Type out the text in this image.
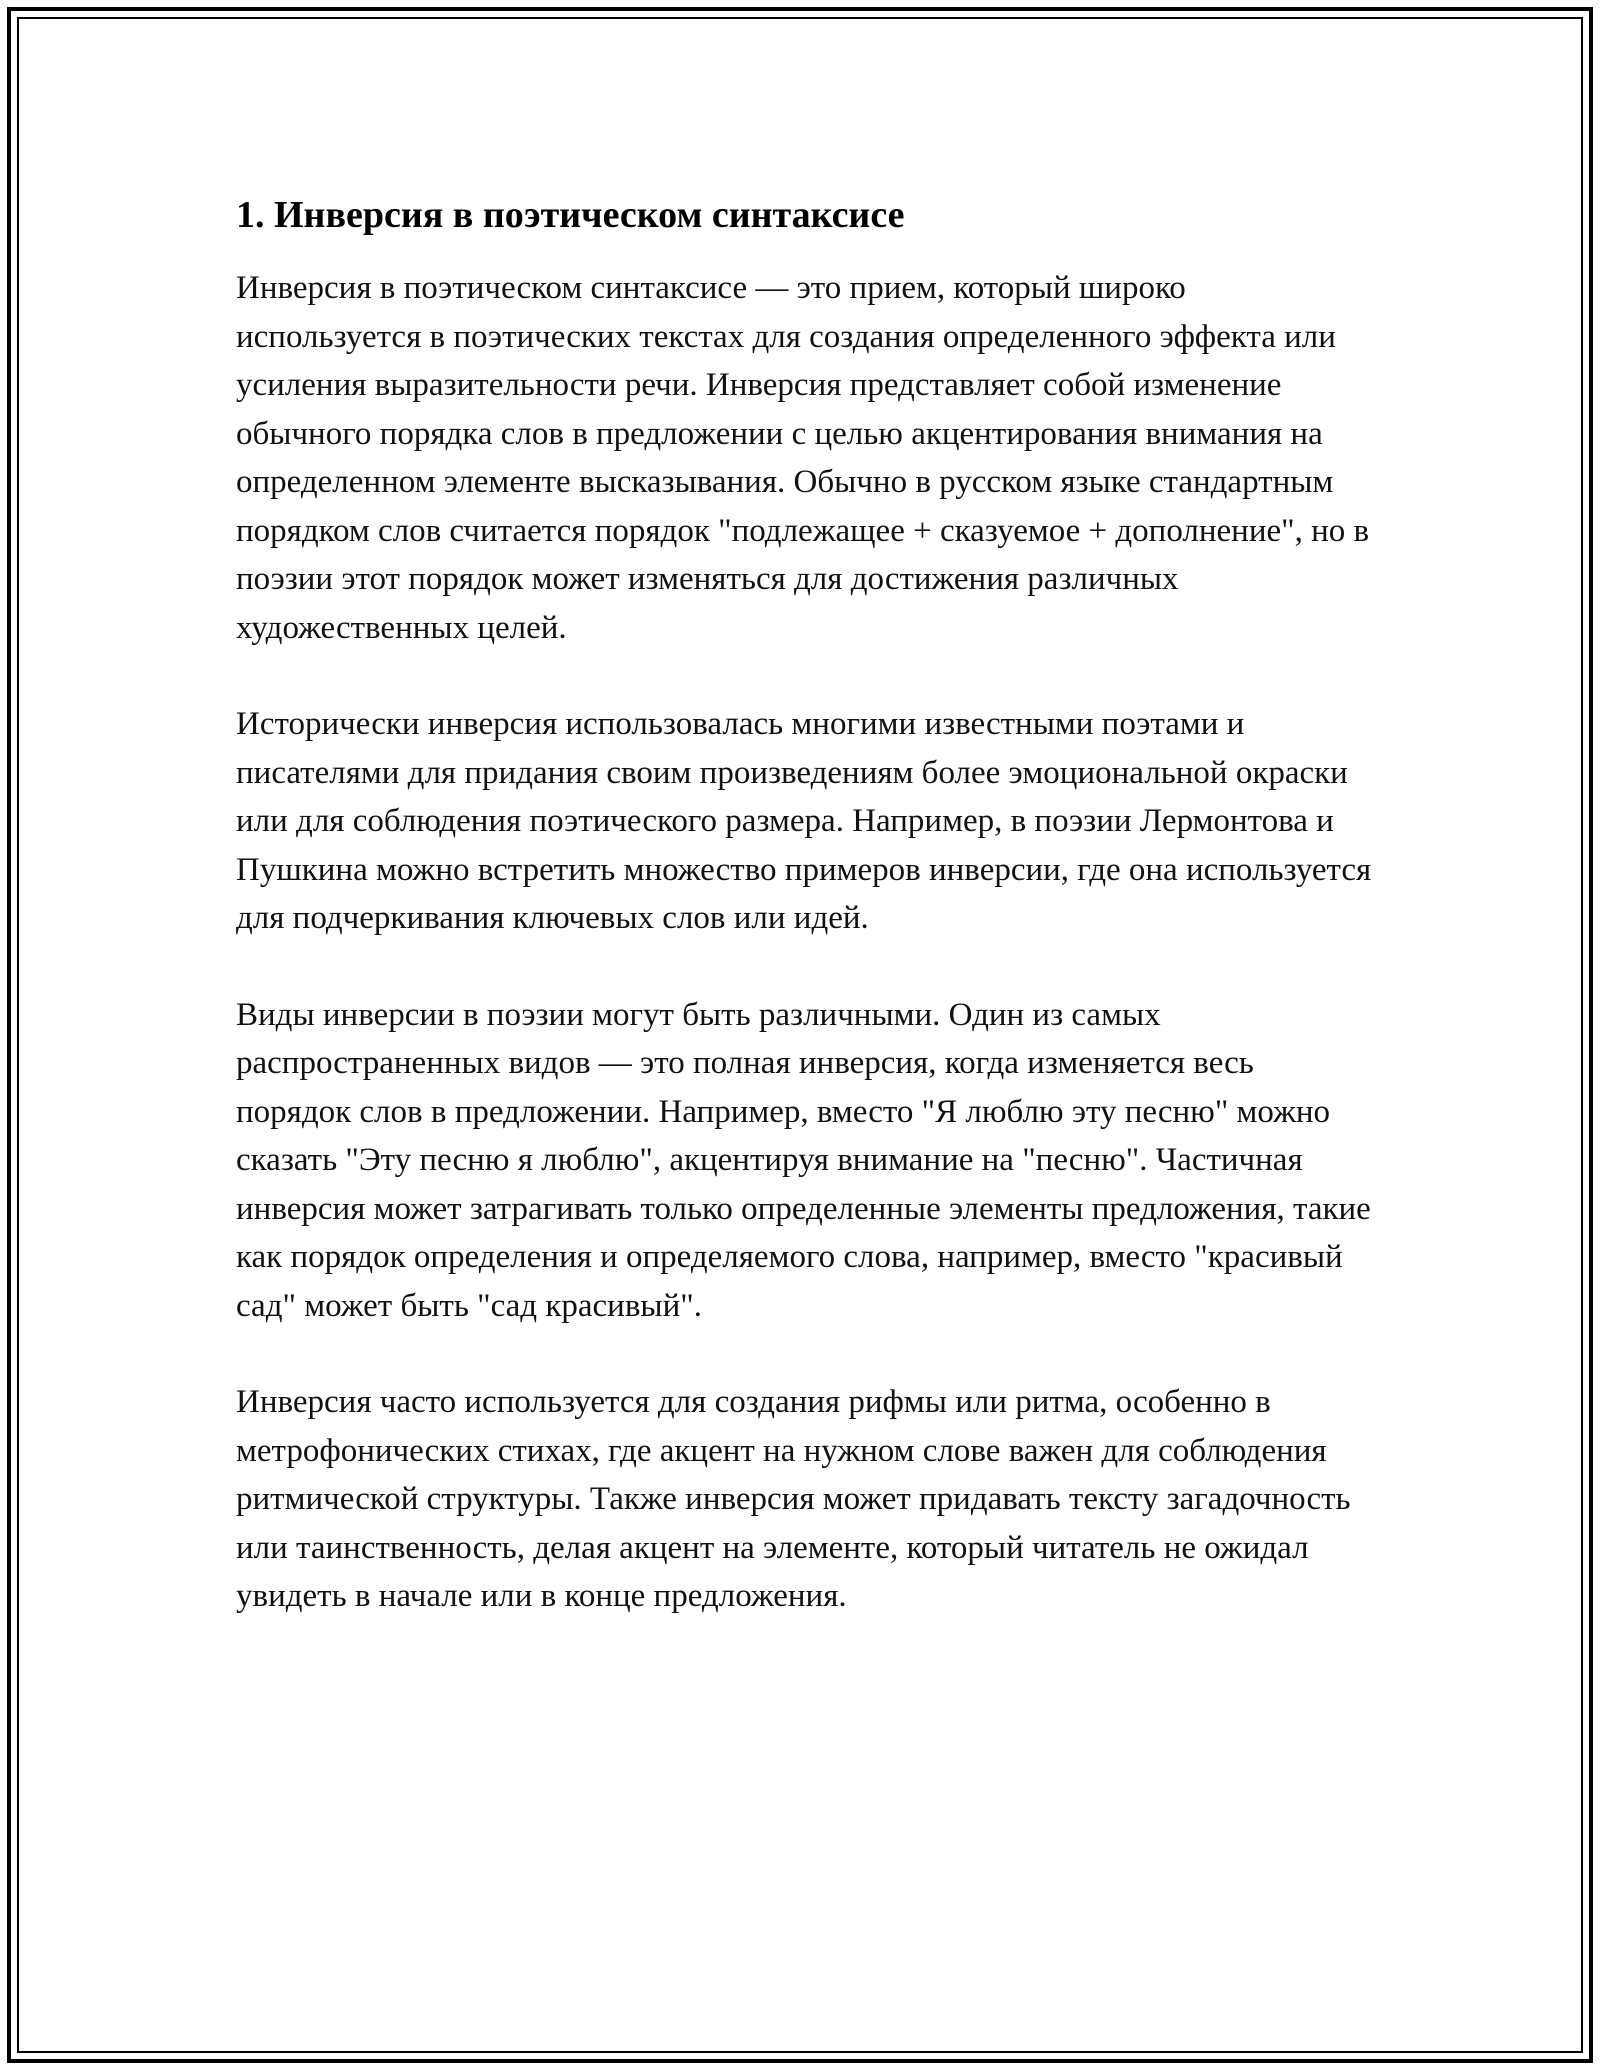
1. Инверсия в поэтическом синтаксисе

Инверсия в поэтическом синтаксисе — это прием, который широко используется в поэтических текстах для создания определенного эффекта или усиления выразительности речи. Инверсия представляет собой изменение обычного порядка слов в предложении с целью акцентирования внимания на определенном элементе высказывания. Обычно в русском языке стандартным порядком слов считается порядок "подлежащее + сказуемое + дополнение", но в поэзии этот порядок может изменяться для достижения различных художественных целей.

Исторически инверсия использовалась многими известными поэтами и писателями для придания своим произведениям более эмоциональной окраски или для соблюдения поэтического размера. Например, в поэзии Лермонтова и Пушкина можно встретить множество примеров инверсии, где она используется для подчеркивания ключевых слов или идей.

Виды инверсии в поэзии могут быть различными. Один из самых распространенных видов — это полная инверсия, когда изменяется весь порядок слов в предложении. Например, вместо "Я люблю эту песню" можно сказать "Эту песню я люблю", акцентируя внимание на "песню". Частичная инверсия может затрагивать только определенные элементы предложения, такие как порядок определения и определяемого слова, например, вместо "красивый сад" может быть "сад красивый".

Инверсия часто используется для создания рифмы или ритма, особенно в метрофонических стихах, где акцент на нужном слове важен для соблюдения ритмической структуры. Также инверсия может придавать тексту загадочность или таинственность, делая акцент на элементе, который читатель не ожидал увидеть в начале или в конце предложения.
